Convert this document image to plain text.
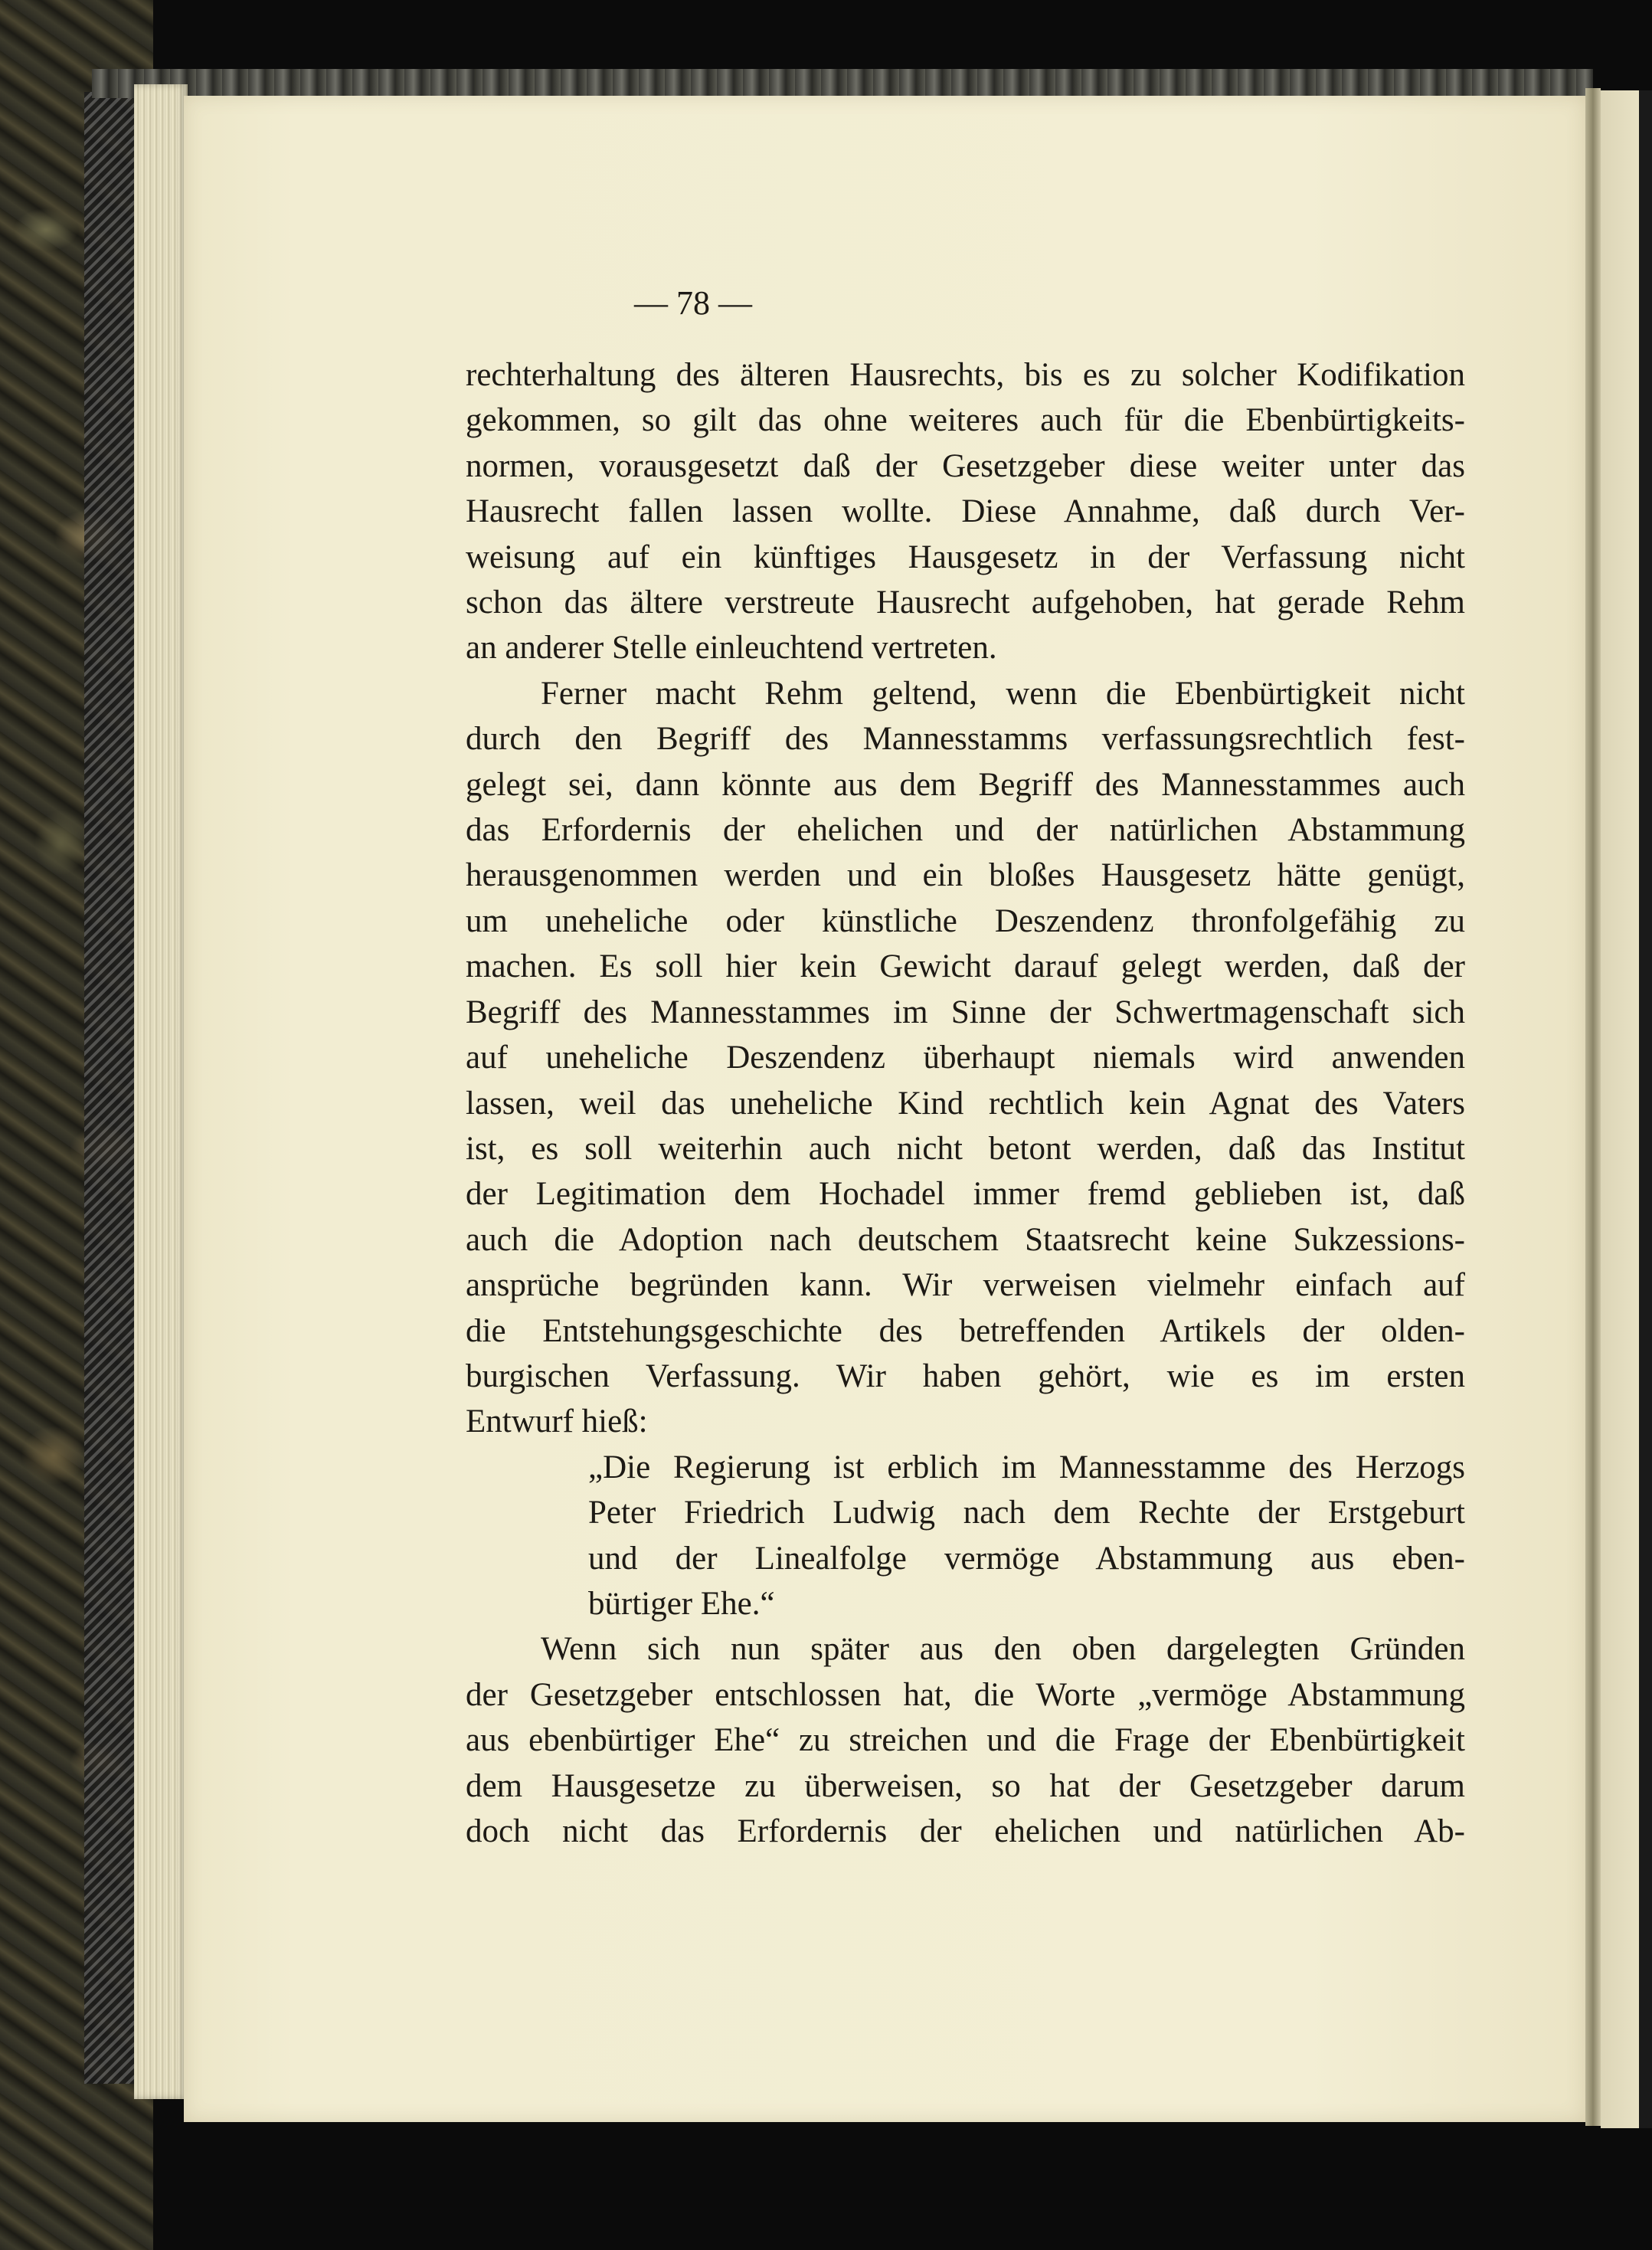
— 78 —
rechterhaltung des älteren Hausrechts, bis es zu solcher Kodifikation
gekommen, so gilt das ohne weiteres auch für die Ebenbürtigkeits-
normen, vorausgesetzt daß der Gesetzgeber diese weiter unter das
Hausrecht fallen lassen wollte. Diese Annahme, daß durch Ver-
weisung auf ein künftiges Hausgesetz in der Verfassung nicht
schon das ältere verstreute Hausrecht aufgehoben, hat gerade Rehm
an anderer Stelle einleuchtend vertreten.
Ferner macht Rehm geltend, wenn die Ebenbürtigkeit nicht
durch den Begriff des Mannesstamms verfassungsrechtlich fest-
gelegt sei, dann könnte aus dem Begriff des Mannesstammes auch
das Erfordernis der ehelichen und der natürlichen Abstammung
herausgenommen werden und ein bloßes Hausgesetz hätte genügt,
um uneheliche oder künstliche Deszendenz thronfolgefähig zu
machen. Es soll hier kein Gewicht darauf gelegt werden, daß der
Begriff des Mannesstammes im Sinne der Schwertmagenschaft sich
auf uneheliche Deszendenz überhaupt niemals wird anwenden
lassen, weil das uneheliche Kind rechtlich kein Agnat des Vaters
ist, es soll weiterhin auch nicht betont werden, daß das Institut
der Legitimation dem Hochadel immer fremd geblieben ist, daß
auch die Adoption nach deutschem Staatsrecht keine Sukzessions-
ansprüche begründen kann. Wir verweisen vielmehr einfach auf
die Entstehungsgeschichte des betreffenden Artikels der olden-
burgischen Verfassung. Wir haben gehört, wie es im ersten
Entwurf hieß:
„Die Regierung ist erblich im Mannesstamme des Herzogs
Peter Friedrich Ludwig nach dem Rechte der Erstgeburt
und der Linealfolge vermöge Abstammung aus eben-
bürtiger Ehe.“
Wenn sich nun später aus den oben dargelegten Gründen
der Gesetzgeber entschlossen hat, die Worte „vermöge Abstammung
aus ebenbürtiger Ehe“ zu streichen und die Frage der Ebenbürtigkeit
dem Hausgesetze zu überweisen, so hat der Gesetzgeber darum
doch nicht das Erfordernis der ehelichen und natürlichen Ab-
